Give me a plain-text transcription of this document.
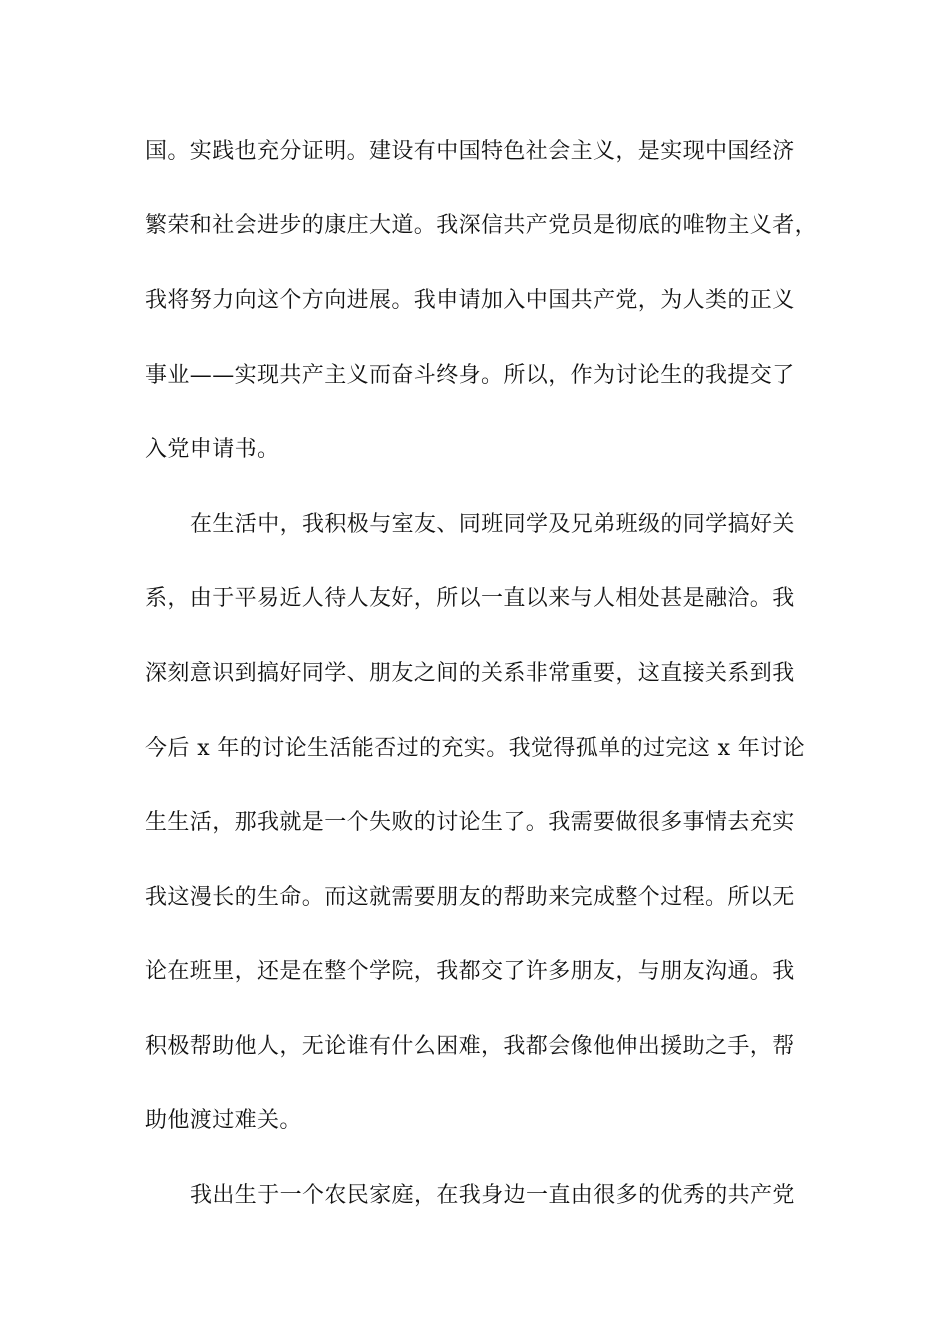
国。实践也充分证明。建设有中国特色社会主义，是实现中国经济
繁荣和社会进步的康庄大道。我深信共产党员是彻底的唯物主义者，
我将努力向这个方向进展。我申请加入中国共产党，为人类的正义
事业——实现共产主义而奋斗终身。所以，作为讨论生的我提交了
入党申请书。
在生活中，我积极与室友、同班同学及兄弟班级的同学搞好关
系，由于平易近人待人友好，所以一直以来与人相处甚是融洽。我
深刻意识到搞好同学、朋友之间的关系非常重要，这直接关系到我
今后 x 年的讨论生活能否过的充实。我觉得孤单的过完这 x 年讨论
生生活，那我就是一个失败的讨论生了。我需要做很多事情去充实
我这漫长的生命。而这就需要朋友的帮助来完成整个过程。所以无
论在班里，还是在整个学院，我都交了许多朋友，与朋友沟通。我
积极帮助他人，无论谁有什么困难，我都会像他伸出援助之手，帮
助他渡过难关。
我出生于一个农民家庭，在我身边一直由很多的优秀的共产党
